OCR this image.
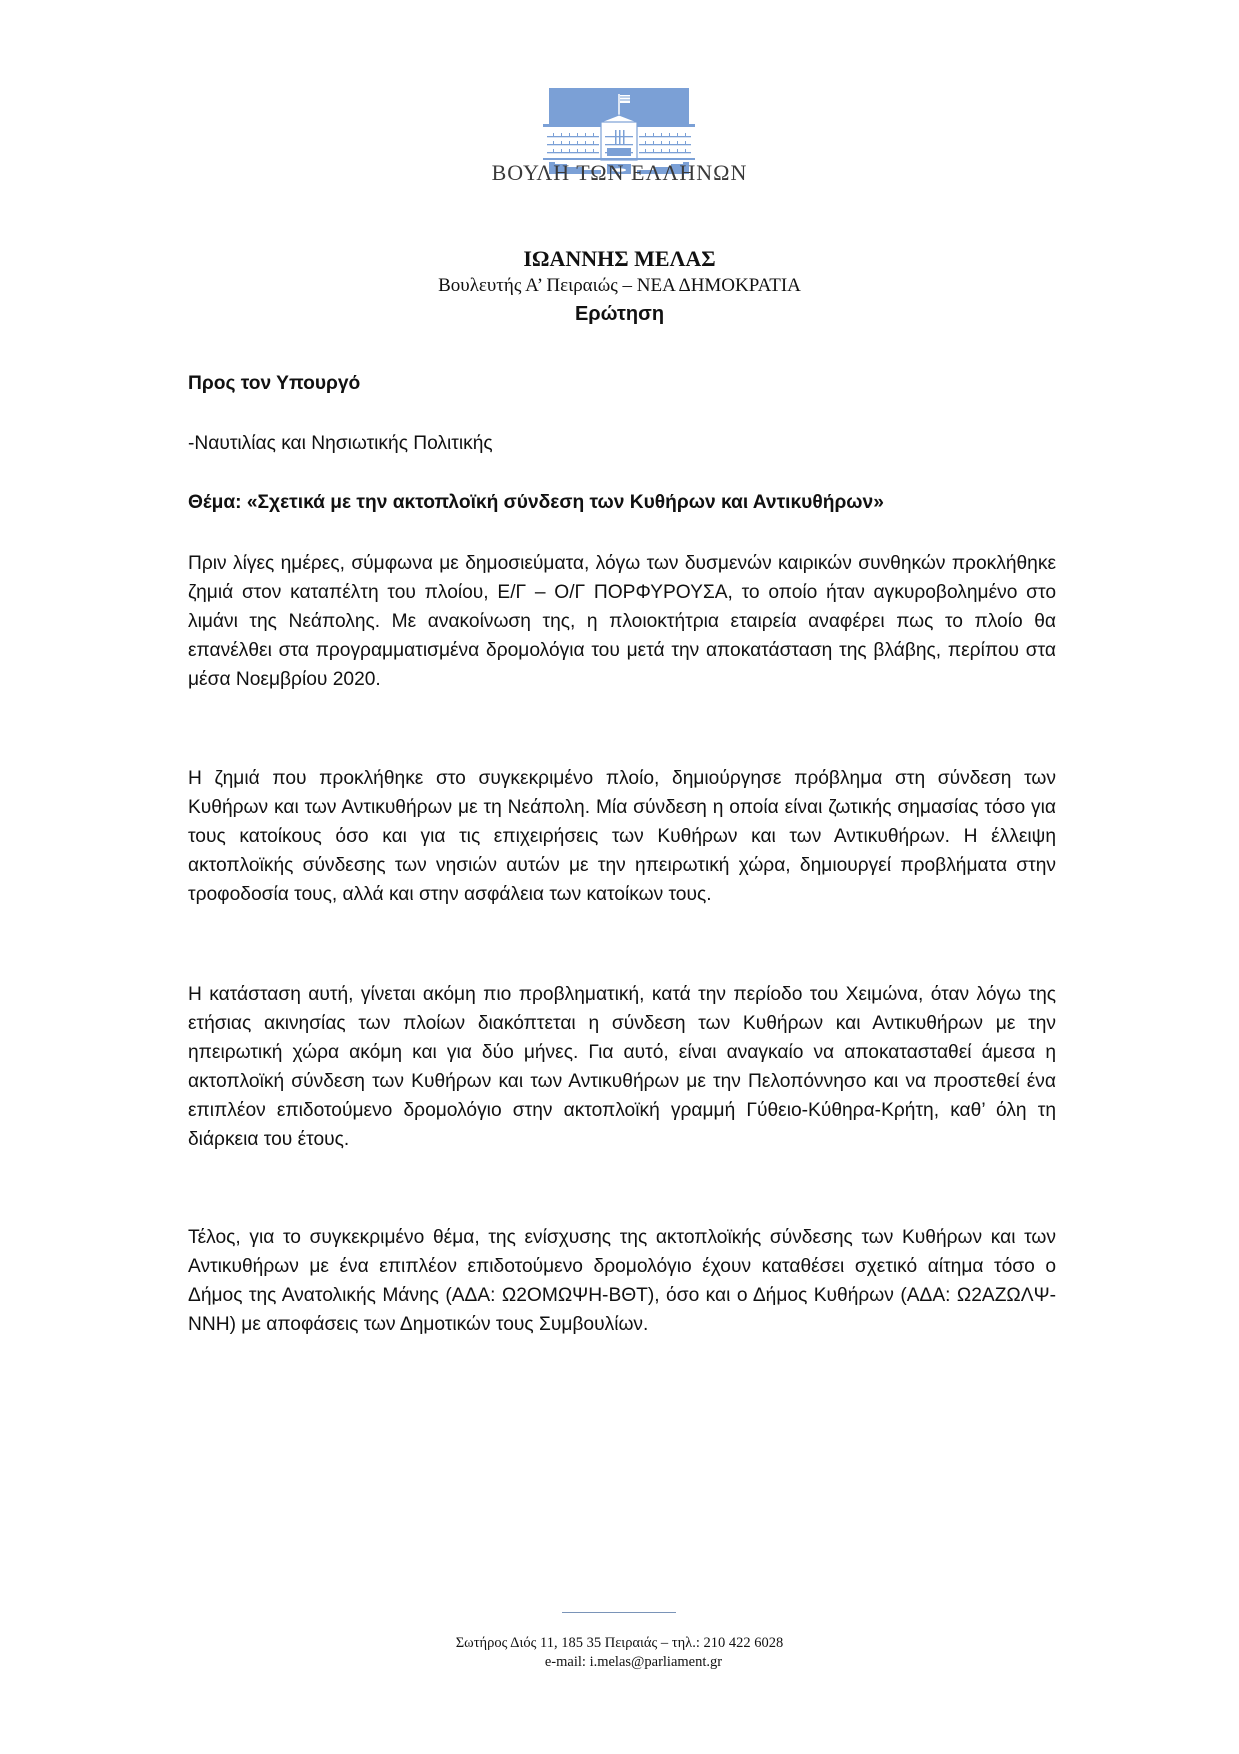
ΒΟΥΛΗ ΤΩΝ ΕΛΛΗΝΩΝ
ΙΩΑΝΝΗΣ ΜΕΛΑΣ
Βουλευτής Α’ Πειραιώς – ΝΕΑ ΔΗΜΟΚΡΑΤΙΑ
Ερώτηση
Προς τον Υπουργό
-Ναυτιλίας και Νησιωτικής Πολιτικής
Θέμα: «Σχετικά με την ακτοπλοϊκή σύνδεση των Κυθήρων και Αντικυθήρων»
Πριν λίγες ημέρες, σύμφωνα με δημοσιεύματα, λόγω των δυσμενών καιρικών συνθηκών προκλήθηκε ζημιά στον καταπέλτη του πλοίου, Ε/Γ – Ο/Γ ΠΟΡΦΥΡΟΥΣΑ, το οποίο ήταν αγκυροβολημένο στο λιμάνι της Νεάπολης. Με ανακοίνωση της, η πλοιοκτήτρια εταιρεία αναφέρει πως το πλοίο θα επανέλθει στα προγραμματισμένα δρομολόγια του μετά την αποκατάσταση της βλάβης, περίπου στα μέσα Νοεμβρίου 2020.
Η ζημιά που προκλήθηκε στο συγκεκριμένο πλοίο, δημιούργησε πρόβλημα στη σύνδεση των Κυθήρων και των Αντικυθήρων με τη Νεάπολη. Μία σύνδεση η οποία είναι ζωτικής σημασίας τόσο για τους κατοίκους όσο και για τις επιχειρήσεις των Κυθήρων και των Αντικυθήρων. Η έλλειψη ακτοπλοϊκής σύνδεσης των νησιών αυτών με την ηπειρωτική χώρα, δημιουργεί προβλήματα στην τροφοδοσία τους, αλλά και στην ασφάλεια των κατοίκων τους.
Η κατάσταση αυτή, γίνεται ακόμη πιο προβληματική, κατά την περίοδο του Χειμώνα, όταν λόγω της ετήσιας ακινησίας των πλοίων διακόπτεται η σύνδεση των Κυθήρων και Αντικυθήρων με την ηπειρωτική χώρα ακόμη και για δύο μήνες. Για αυτό, είναι αναγκαίο να αποκατασταθεί άμεσα η ακτοπλοϊκή σύνδεση των Κυθήρων και των Αντικυθήρων με την Πελοπόννησο και να προστεθεί ένα επιπλέον επιδοτούμενο δρομολόγιο στην ακτοπλοϊκή γραμμή Γύθειο-Κύθηρα-Κρήτη, καθ’ όλη τη διάρκεια του έτους.
Τέλος, για το συγκεκριμένο θέμα, της ενίσχυσης της ακτοπλοϊκής σύνδεσης των Κυθήρων και των Αντικυθήρων με ένα επιπλέον επιδοτούμενο δρομολόγιο έχουν καταθέσει σχετικό αίτημα τόσο ο Δήμος της Ανατολικής Μάνης (ΑΔΑ: Ω2ΟΜΩΨΗ-ΒΘΤ), όσο και ο Δήμος Κυθήρων (ΑΔΑ: Ω2ΑΖΩΛΨ-ΝΝΗ) με αποφάσεις των Δημοτικών τους Συμβουλίων.
Σωτήρος Διός 11, 185 35 Πειραιάς – τηλ.: 210 422 6028
e-mail: i.melas@parliament.gr
